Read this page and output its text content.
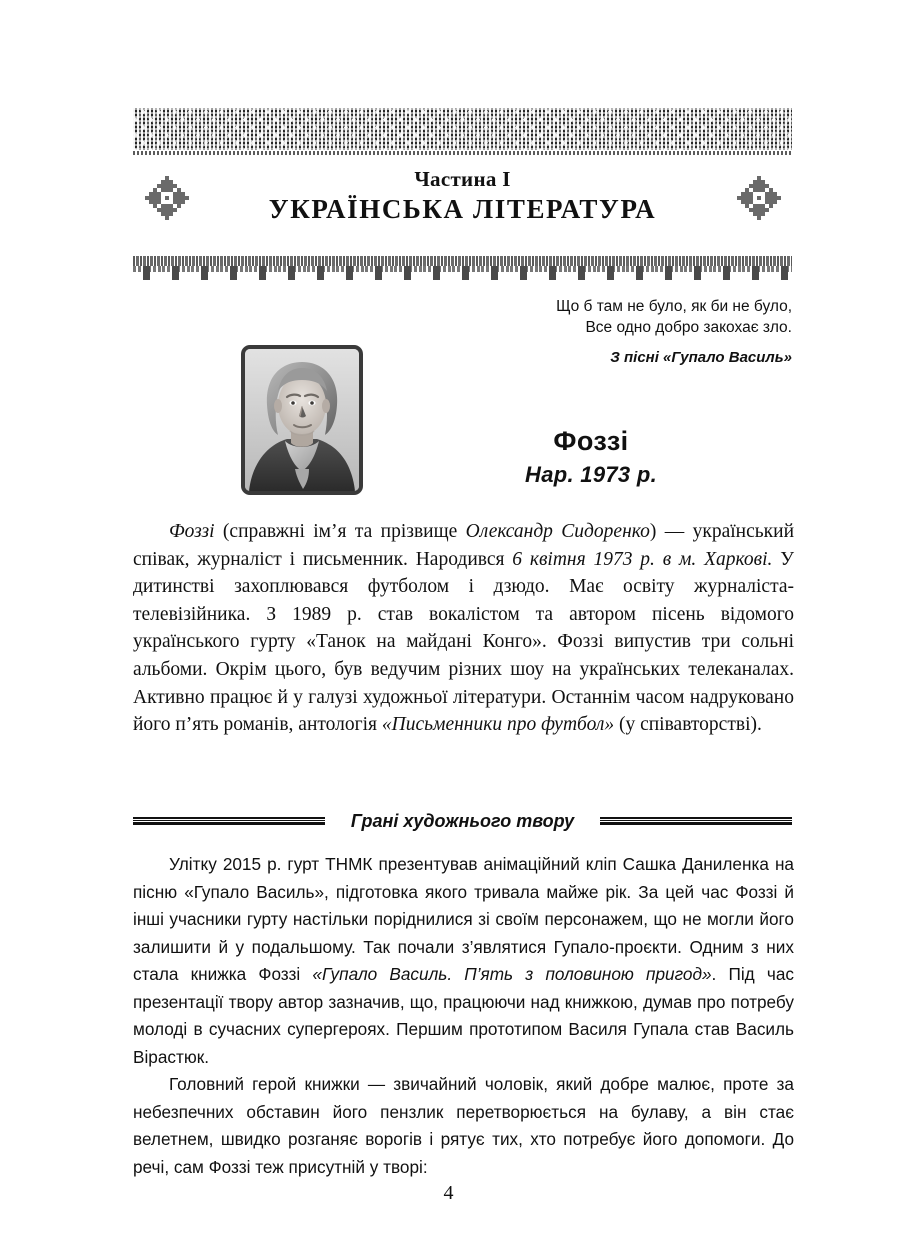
Частина I
УКРАЇНСЬКА ЛІТЕРАТУРА
Що б там не було, як би не було,
Все одно добро закохає зло.
З пісні «Гупало Василь»
Фоззі
Нар. 1973 р.
Фоззі (справжні ім’я та прізвище Олександр Сидоренко) — український співак, журналіст і письменник. Народився 6 квітня 1973 р. в м. Харкові. У дитинстві захоплювався футболом і дзюдо. Має освіту журналіста-телевізійника. З 1989 р. став вокалістом та автором пісень відомого українського гурту «Танок на майдані Конго». Фоззі випустив три сольні альбоми. Окрім цього, був ведучим різних шоу на українських телеканалах. Активно працює й у галузі художньої літератури. Останнім часом надруковано його п’ять романів, антологія «Письменники про футбол» (у співавторстві).
Грані художнього твору

Улітку 2015 р. гурт ТНМК презентував анімаційний кліп Сашка Даниленка на пісню «Гупало Василь», підготовка якого тривала майже рік. За цей час Фоззі й інші учасники гурту настільки поріднилися зі своїм персонажем, що не могли його залишити й у подальшому. Так почали з’являтися Гупало-проєкти. Одним з них стала книжка Фоззі «Гупало Василь. П’ять з половиною пригод». Під час презентації твору автор зазначив, що, працюючи над книжкою, думав про потребу молоді в сучасних супергероях. Першим прототипом Василя Гупала став Василь Вірастюк.

Головний герой книжки — звичайний чоловік, який добре малює, проте за небезпечних обставин його пензлик перетворюється на булаву, а він стає велетнем, швидко розганяє ворогів і рятує тих, хто потребує його допомоги. До речі, сам Фоззі теж присутній у творі:

4
